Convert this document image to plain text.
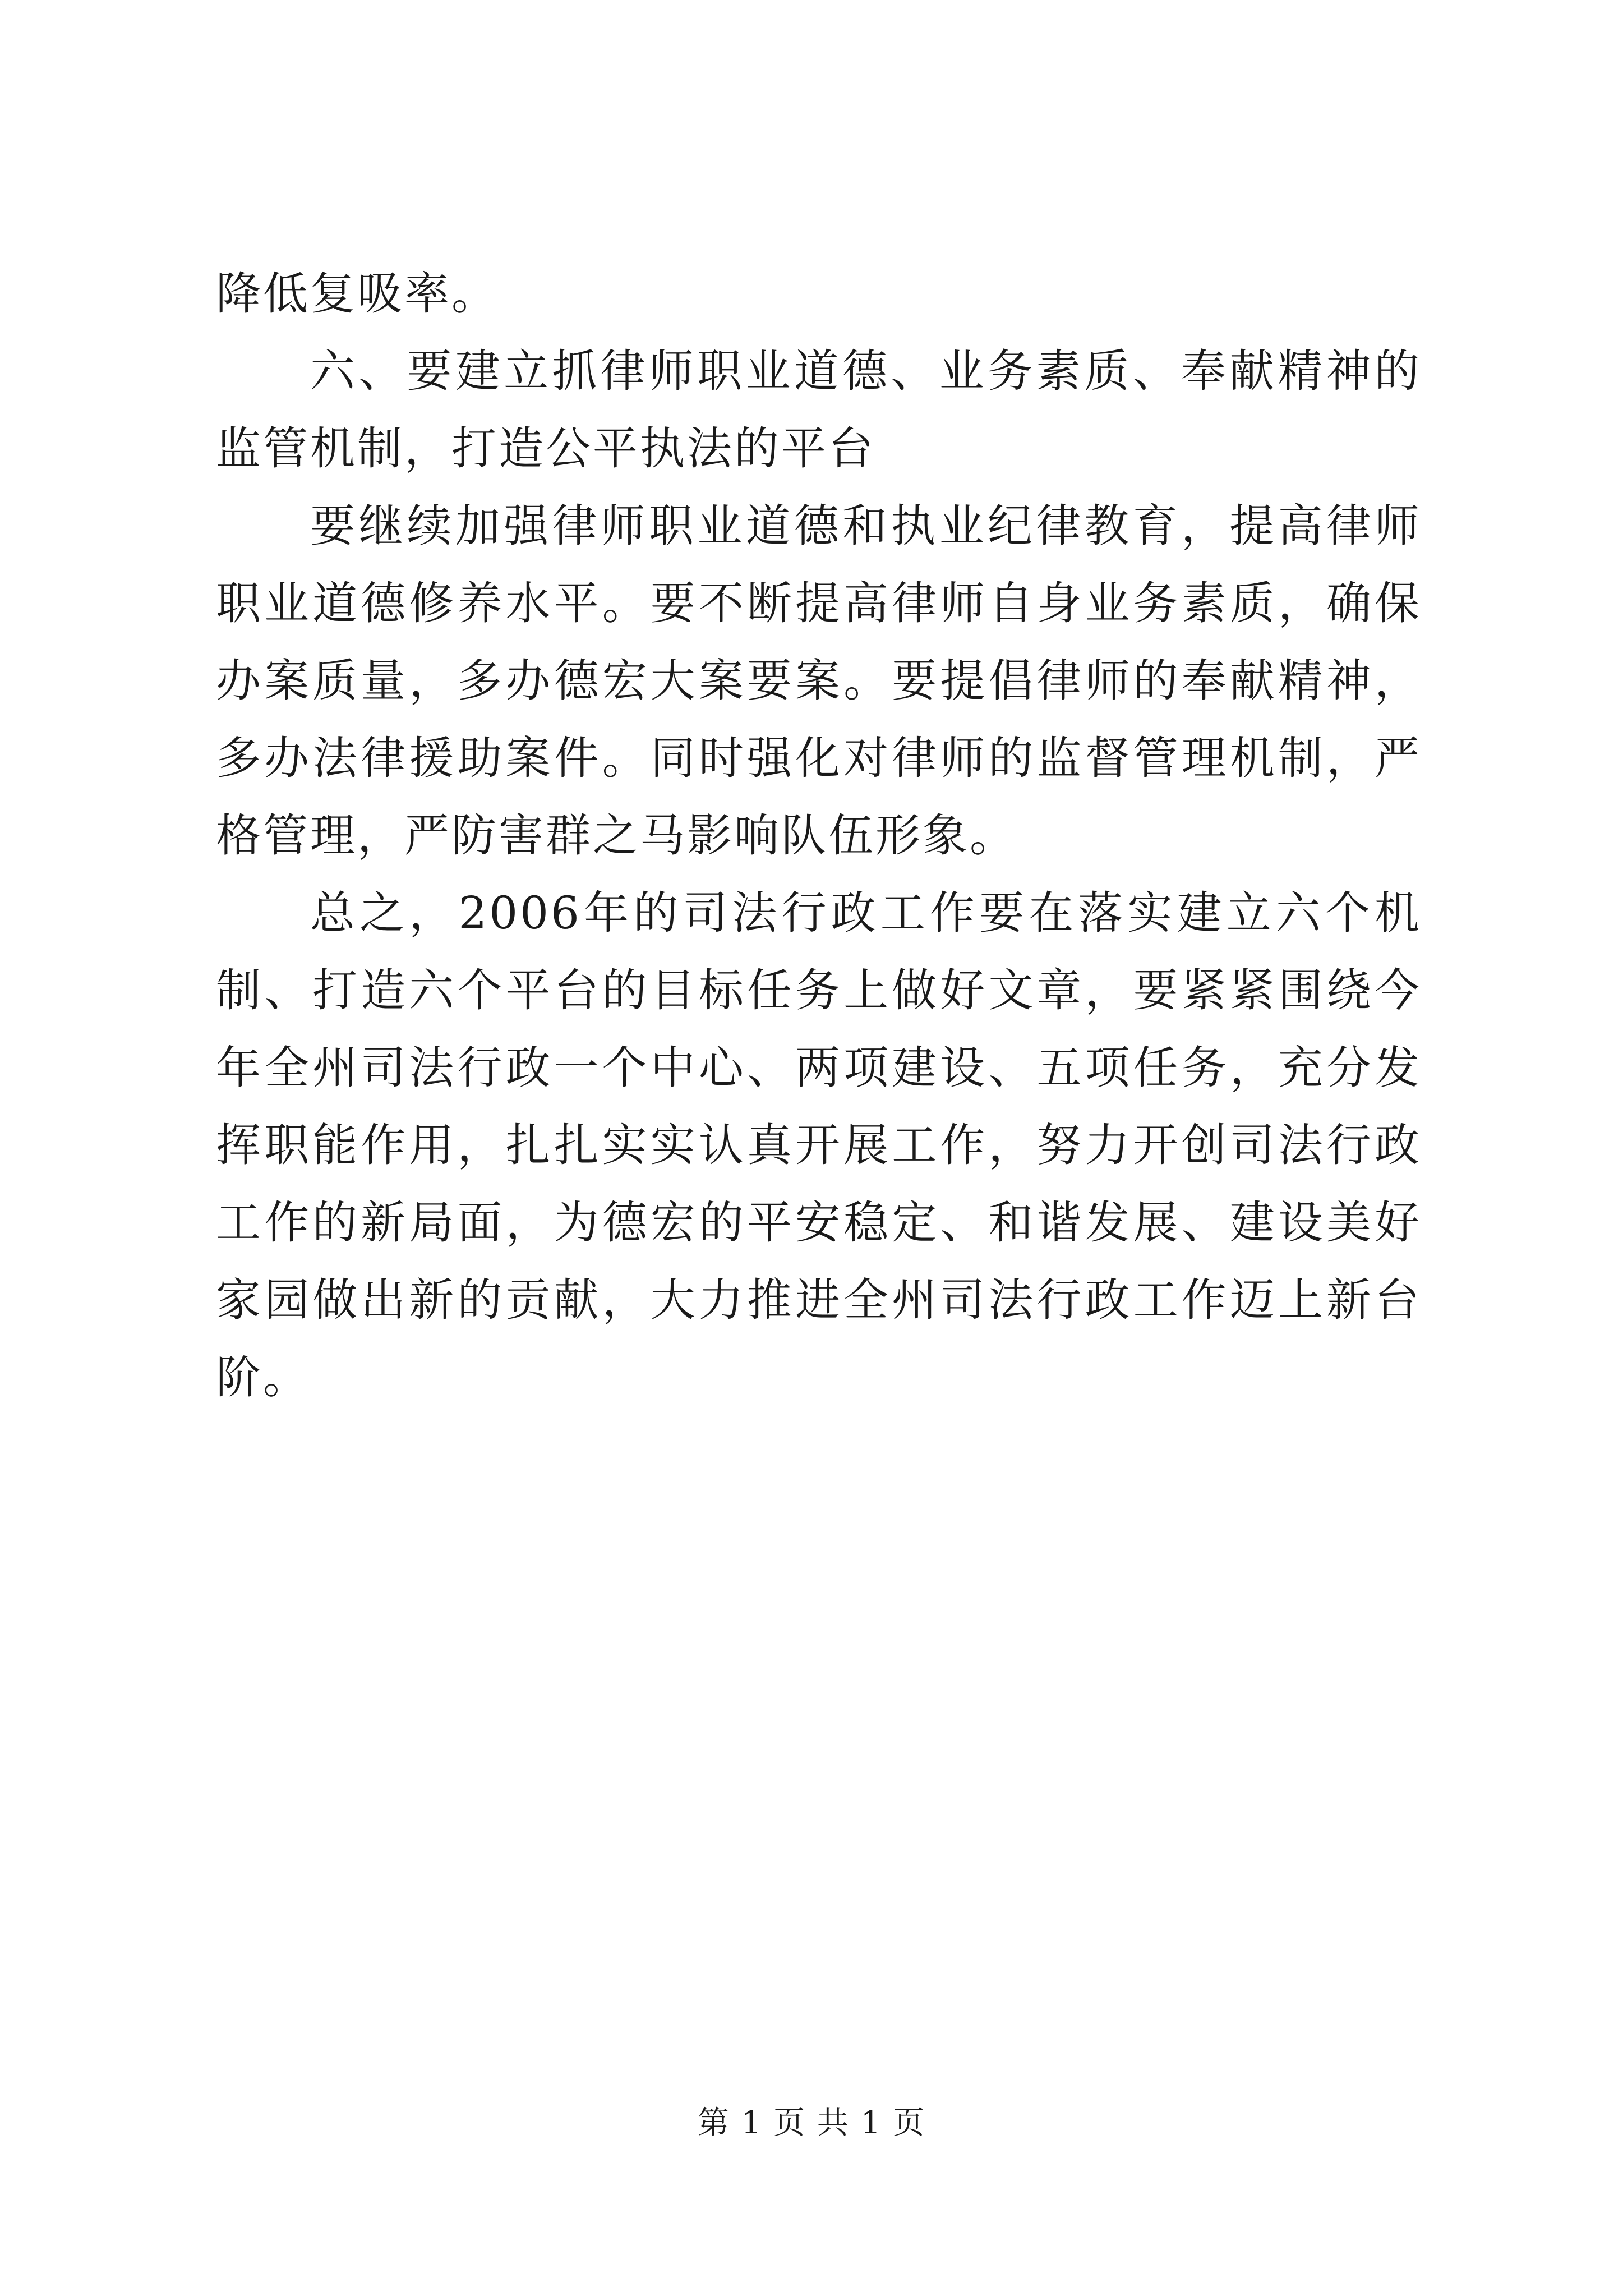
降低复吸率。

六、要建立抓律师职业道德、业务素质、奉献精神的监管机制，打造公平执法的平台

要继续加强律师职业道德和执业纪律教育，提高律师职业道德修养水平。要不断提高律师自身业务素质，确保办案质量，多办德宏大案要案。要提倡律师的奉献精神，多办法律援助案件。同时强化对律师的监督管理机制，严格管理，严防害群之马影响队伍形象。

总之，2006年的司法行政工作要在落实建立六个机制、打造六个平台的目标任务上做好文章，要紧紧围绕今年全州司法行政一个中心、两项建设、五项任务，充分发挥职能作用，扎扎实实认真开展工作，努力开创司法行政工作的新局面，为德宏的平安稳定、和谐发展、建设美好家园做出新的贡献，大力推进全州司法行政工作迈上新台阶。

第 1 页 共 1 页
